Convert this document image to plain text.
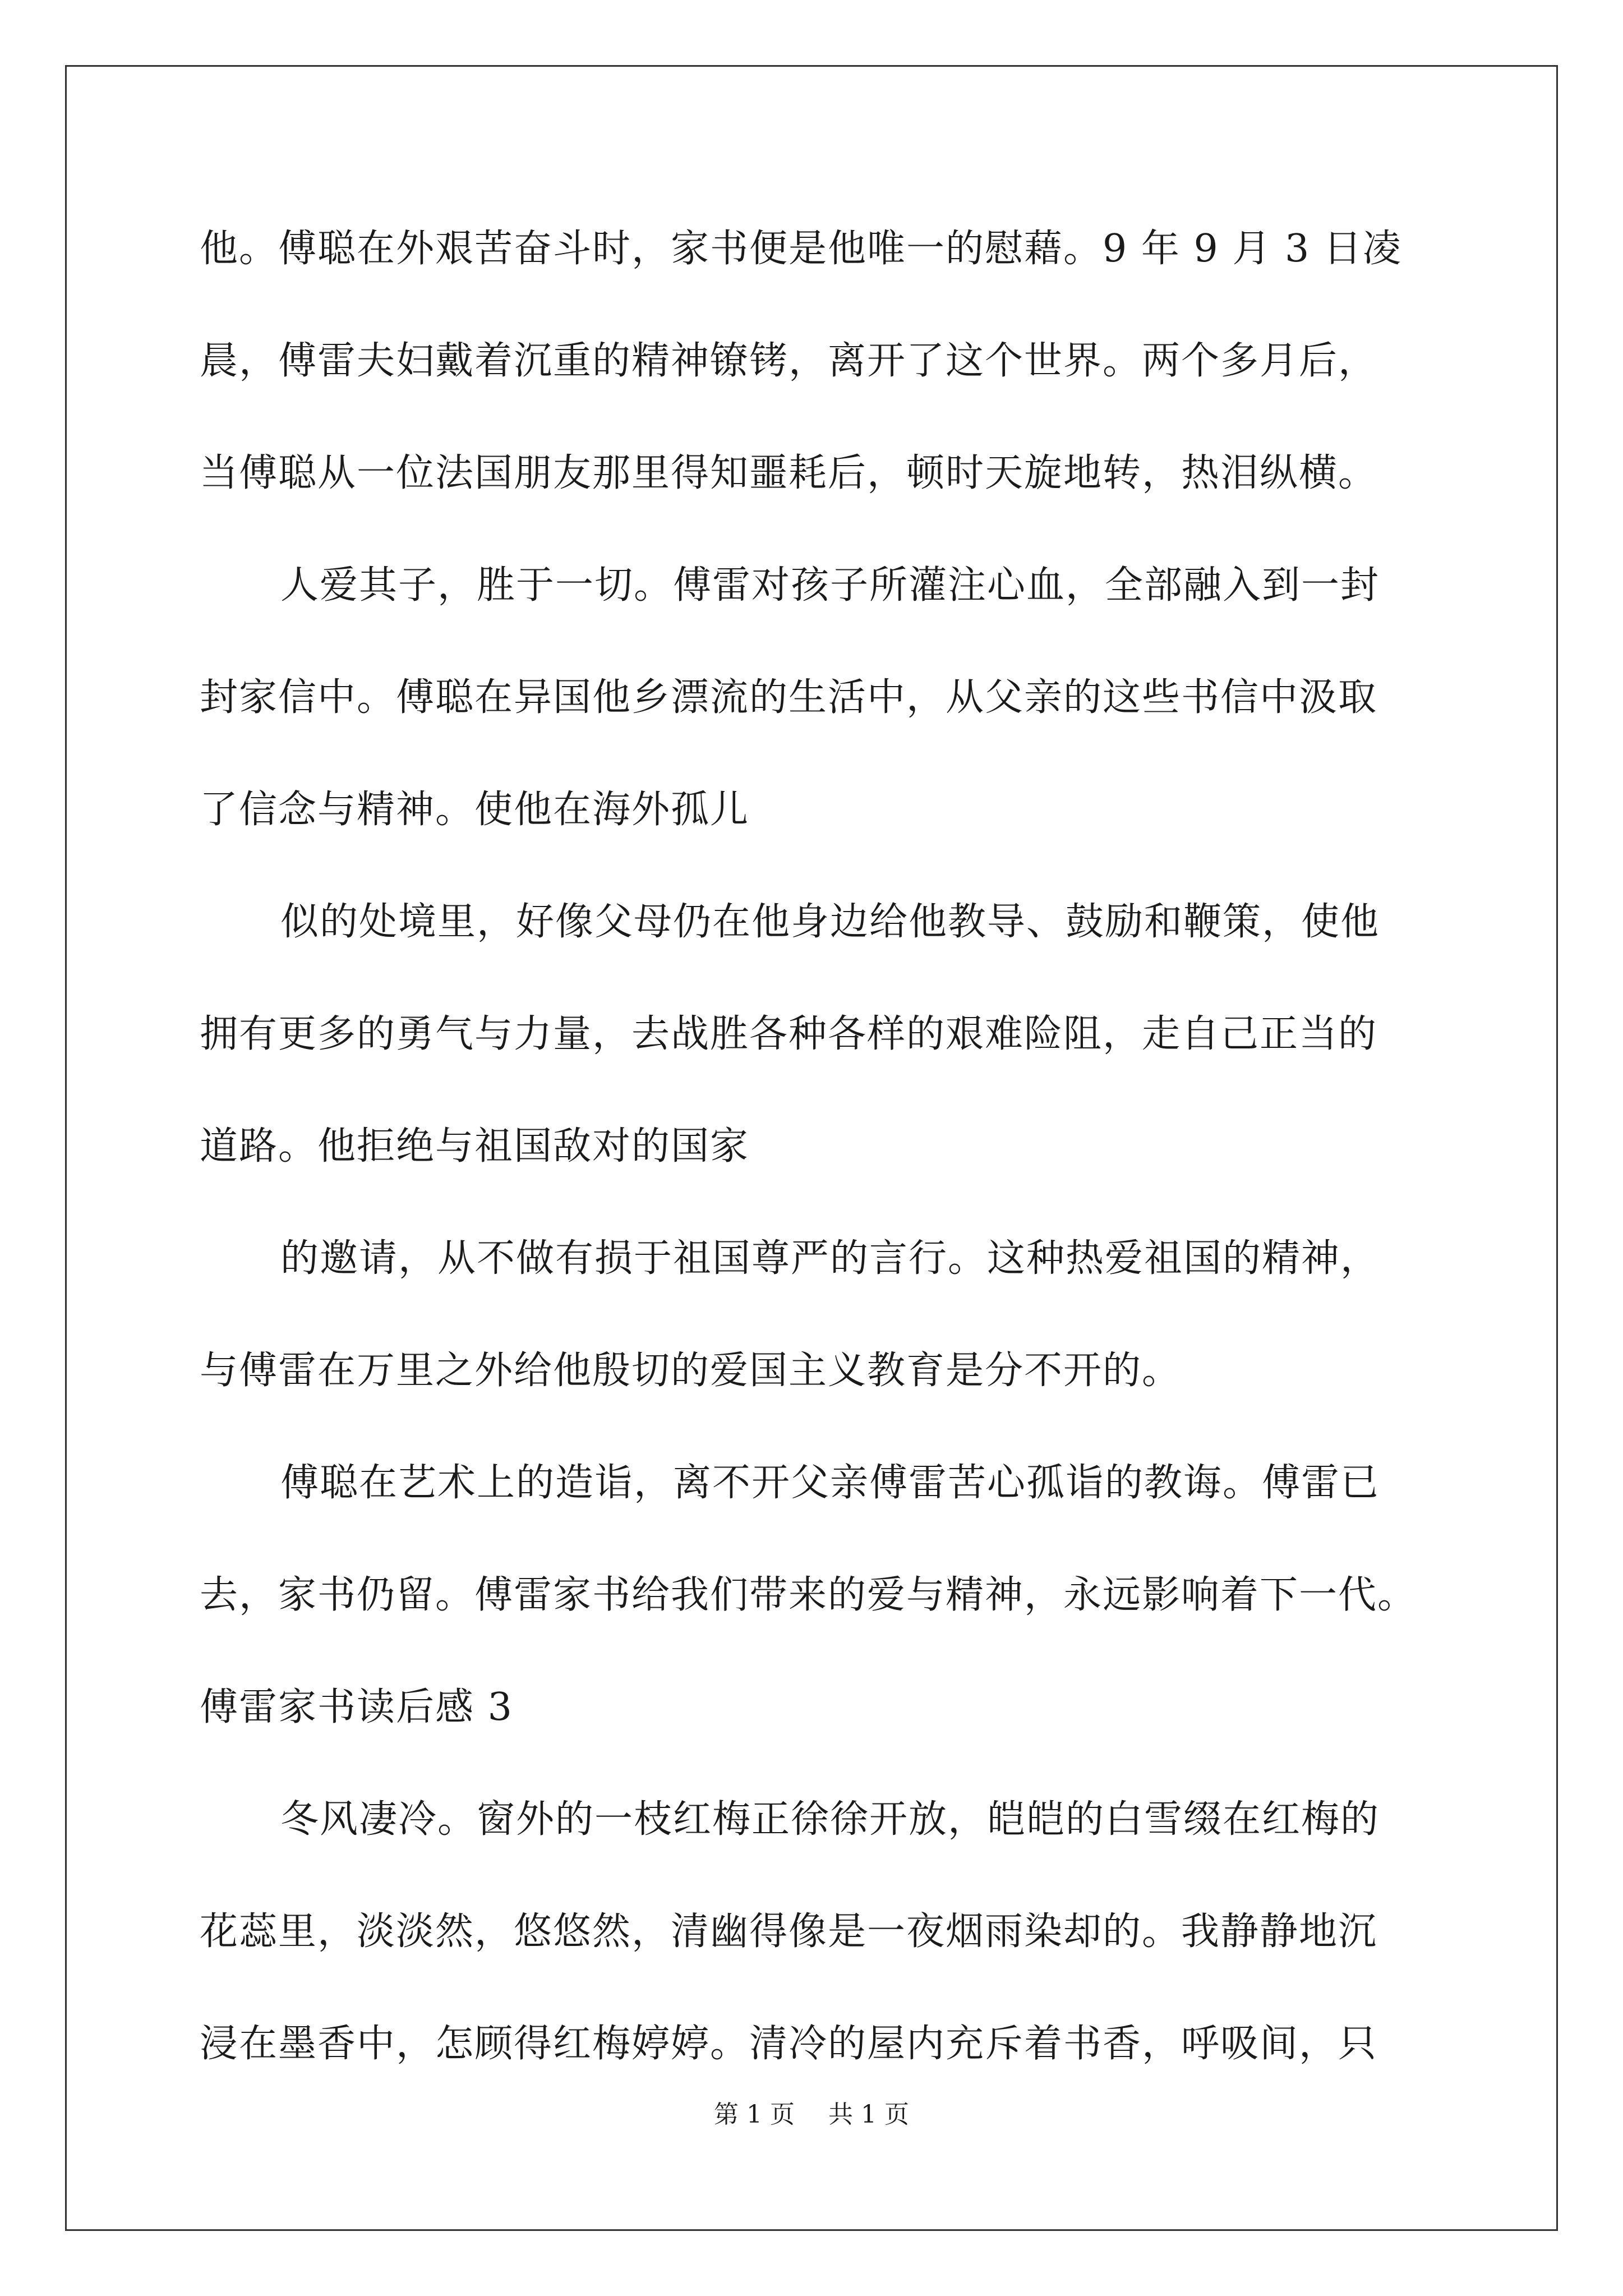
他。傅聪在外艰苦奋斗时，家书便是他唯一的慰藉。9 年 9 月 3 日凌
晨，傅雷夫妇戴着沉重的精神镣铐，离开了这个世界。两个多月后，
当傅聪从一位法国朋友那里得知噩耗后，顿时天旋地转，热泪纵横。
人爱其子，胜于一切。傅雷对孩子所灌注心血，全部融入到一封
封家信中。傅聪在异国他乡漂流的生活中，从父亲的这些书信中汲取
了信念与精神。使他在海外孤儿
似的处境里，好像父母仍在他身边给他教导、鼓励和鞭策，使他
拥有更多的勇气与力量，去战胜各种各样的艰难险阻，走自己正当的
道路。他拒绝与祖国敌对的国家
的邀请，从不做有损于祖国尊严的言行。这种热爱祖国的精神，
与傅雷在万里之外给他殷切的爱国主义教育是分不开的。
傅聪在艺术上的造诣，离不开父亲傅雷苦心孤诣的教诲。傅雷已
去，家书仍留。傅雷家书给我们带来的爱与精神，永远影响着下一代。
傅雷家书读后感 3
冬风凄冷。窗外的一枝红梅正徐徐开放，皑皑的白雪缀在红梅的
花蕊里，淡淡然，悠悠然，清幽得像是一夜烟雨染却的。我静静地沉
浸在墨香中，怎顾得红梅婷婷。清冷的屋内充斥着书香，呼吸间，只
第 1 页 共 1 页
